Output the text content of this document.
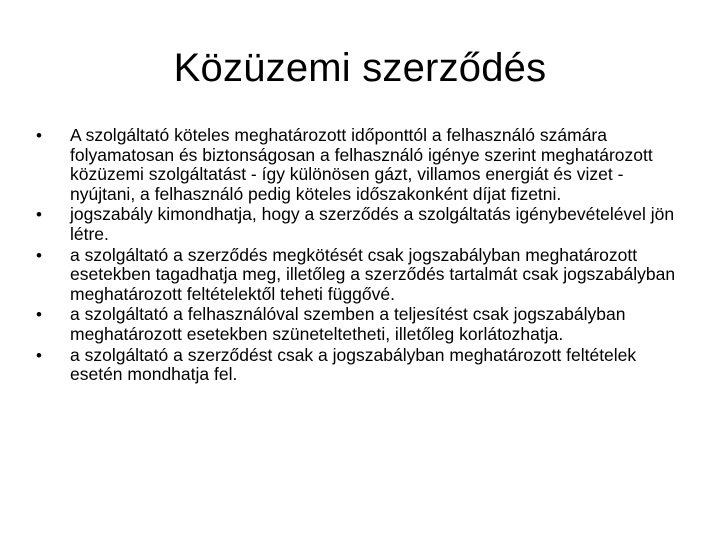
Közüzemi szerződés
•	A szolgáltató köteles meghatározott időponttól a felhasználó számára folyamatosan és biztonságosan a felhasználó igénye szerint meghatározott közüzemi szolgáltatást - így különösen gázt, villamos energiát és vizet - nyújtani, a felhasználó pedig köteles időszakonként díjat fizetni.
•	jogszabály kimondhatja, hogy a szerződés a szolgáltatás igénybevételével jön létre.
•	a szolgáltató a szerződés megkötését csak jogszabályban meghatározott esetekben tagadhatja meg, illetőleg a szerződés tartalmát csak jogszabályban meghatározott feltételektől teheti függővé.
•	a szolgáltató a felhasználóval szemben a teljesítést csak jogszabályban meghatározott esetekben szüneteltetheti, illetőleg korlátozhatja.
•	a szolgáltató a szerződést csak a jogszabályban meghatározott feltételek esetén mondhatja fel.
